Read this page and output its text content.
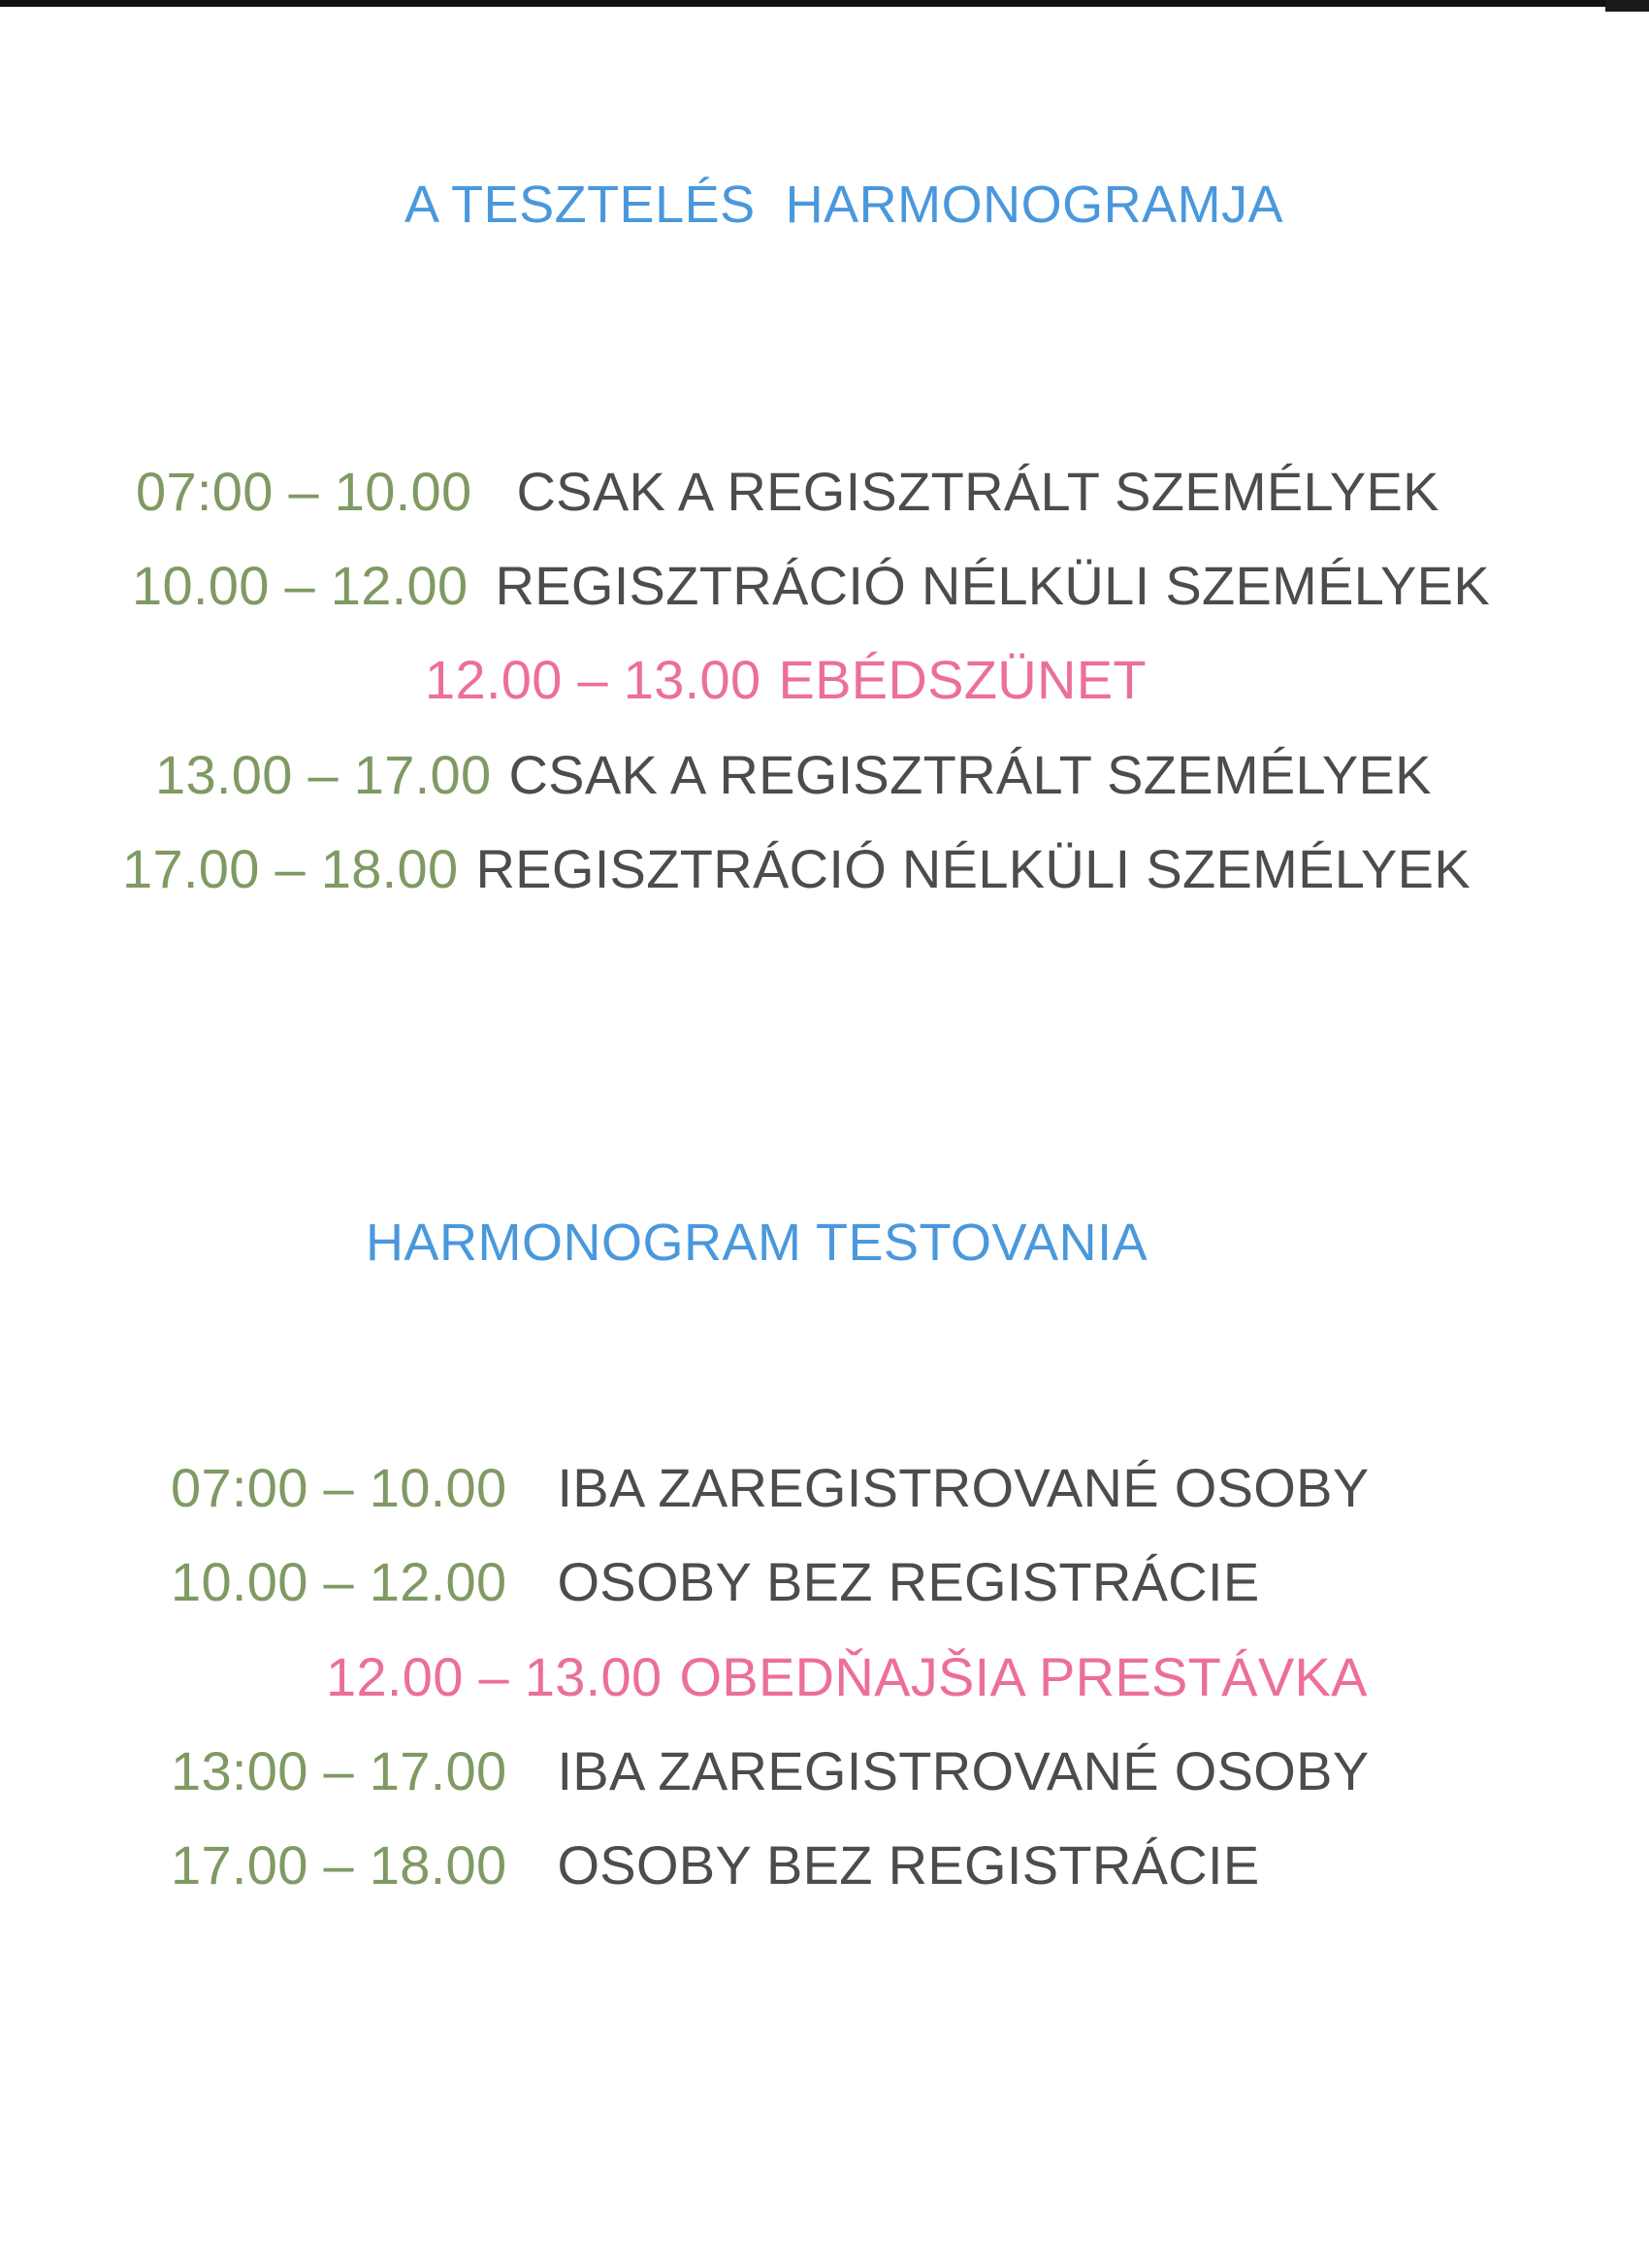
A TESZTELÉS  HARMONOGRAMJA

07:00 – 10.00 CSAK A REGISZTRÁLT SZEMÉLYEK

10.00 – 12.00 REGISZTRÁCIÓ NÉLKÜLI SZEMÉLYEK

12.00 – 13.00 EBÉDSZÜNET

13.00 – 17.00 CSAK A REGISZTRÁLT SZEMÉLYEK

17.00 – 18.00 REGISZTRÁCIÓ NÉLKÜLI SZEMÉLYEK

HARMONOGRAM TESTOVANIA

07:00 – 10.00 IBA ZAREGISTROVANÉ OSOBY

10.00 – 12.00 OSOBY BEZ REGISTRÁCIE

12.00 – 13.00 OBEDŇAJŠIA PRESTÁVKA

13:00 – 17.00 IBA ZAREGISTROVANÉ OSOBY

17.00 – 18.00 OSOBY BEZ REGISTRÁCIE
